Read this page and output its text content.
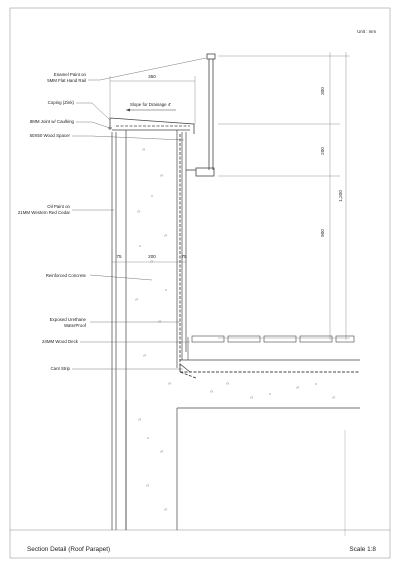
Unit : mm
Section Detail (Roof Parapet)	Scale 1:8
350
75	200	75
300
200
1,200
900
Slope for Drainage 4'
Enamel Paint on
5MM Flat Hand Rail
Coping (Zink)
8MM Joint w/ Caulking
50X50 Wood Spacer
Oil Paint on
21MM Western Red Cedar
Reinforced Concrete
Exposed Urethane
WaterProof
24MM Wood Deck
Cant Strip
